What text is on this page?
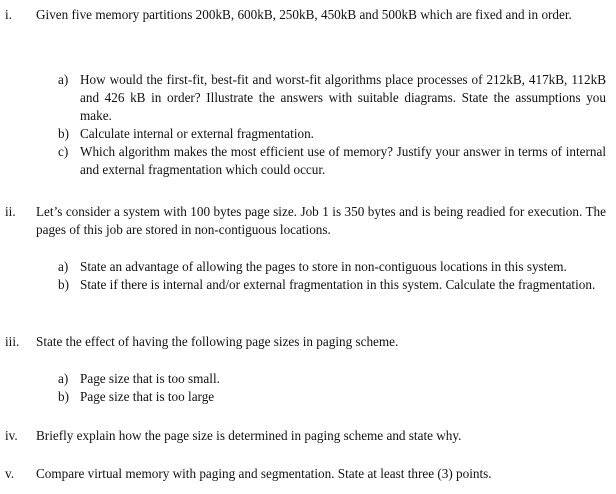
i. Given five memory partitions 200kB, 600kB, 250kB, 450kB and 500kB which are fixed and in order.
a) How would the first-fit, best-fit and worst-fit algorithms place processes of 212kB, 417kB, 112kB and 426 kB in order? Illustrate the answers with suitable diagrams. State the assumptions you make.
b) Calculate internal or external fragmentation.
c) Which algorithm makes the most efficient use of memory? Justify your answer in terms of internal and external fragmentation which could occur.
ii. Let’s consider a system with 100 bytes page size. Job 1 is 350 bytes and is being readied for execution. The pages of this job are stored in non-contiguous locations.
a) State an advantage of allowing the pages to store in non-contiguous locations in this system.
b) State if there is internal and/or external fragmentation in this system. Calculate the fragmentation.
iii. State the effect of having the following page sizes in paging scheme.
a) Page size that is too small.
b) Page size that is too large
iv. Briefly explain how the page size is determined in paging scheme and state why.
v. Compare virtual memory with paging and segmentation. State at least three (3) points.
